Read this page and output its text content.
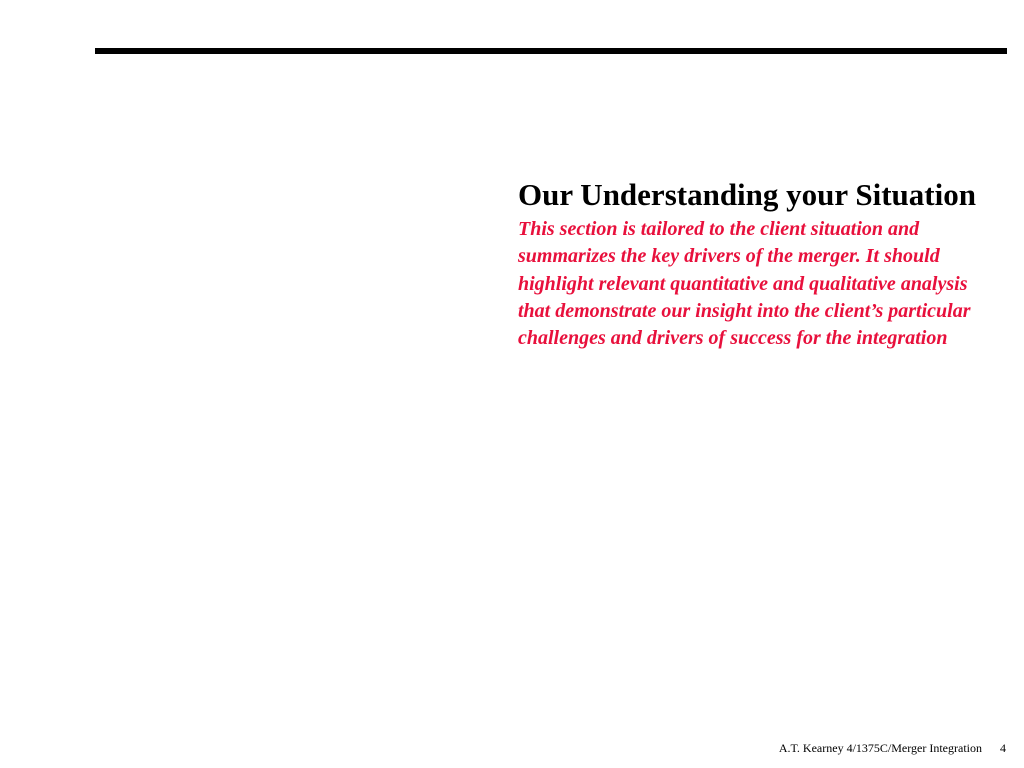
Our Understanding your Situation

This section is tailored to the client situation and summarizes the key drivers of the merger. It should highlight relevant quantitative and qualitative analysis that demonstrate our insight into the client’s particular challenges and drivers of success for the integration

A.T. Kearney 4/1375C/Merger Integration 4
